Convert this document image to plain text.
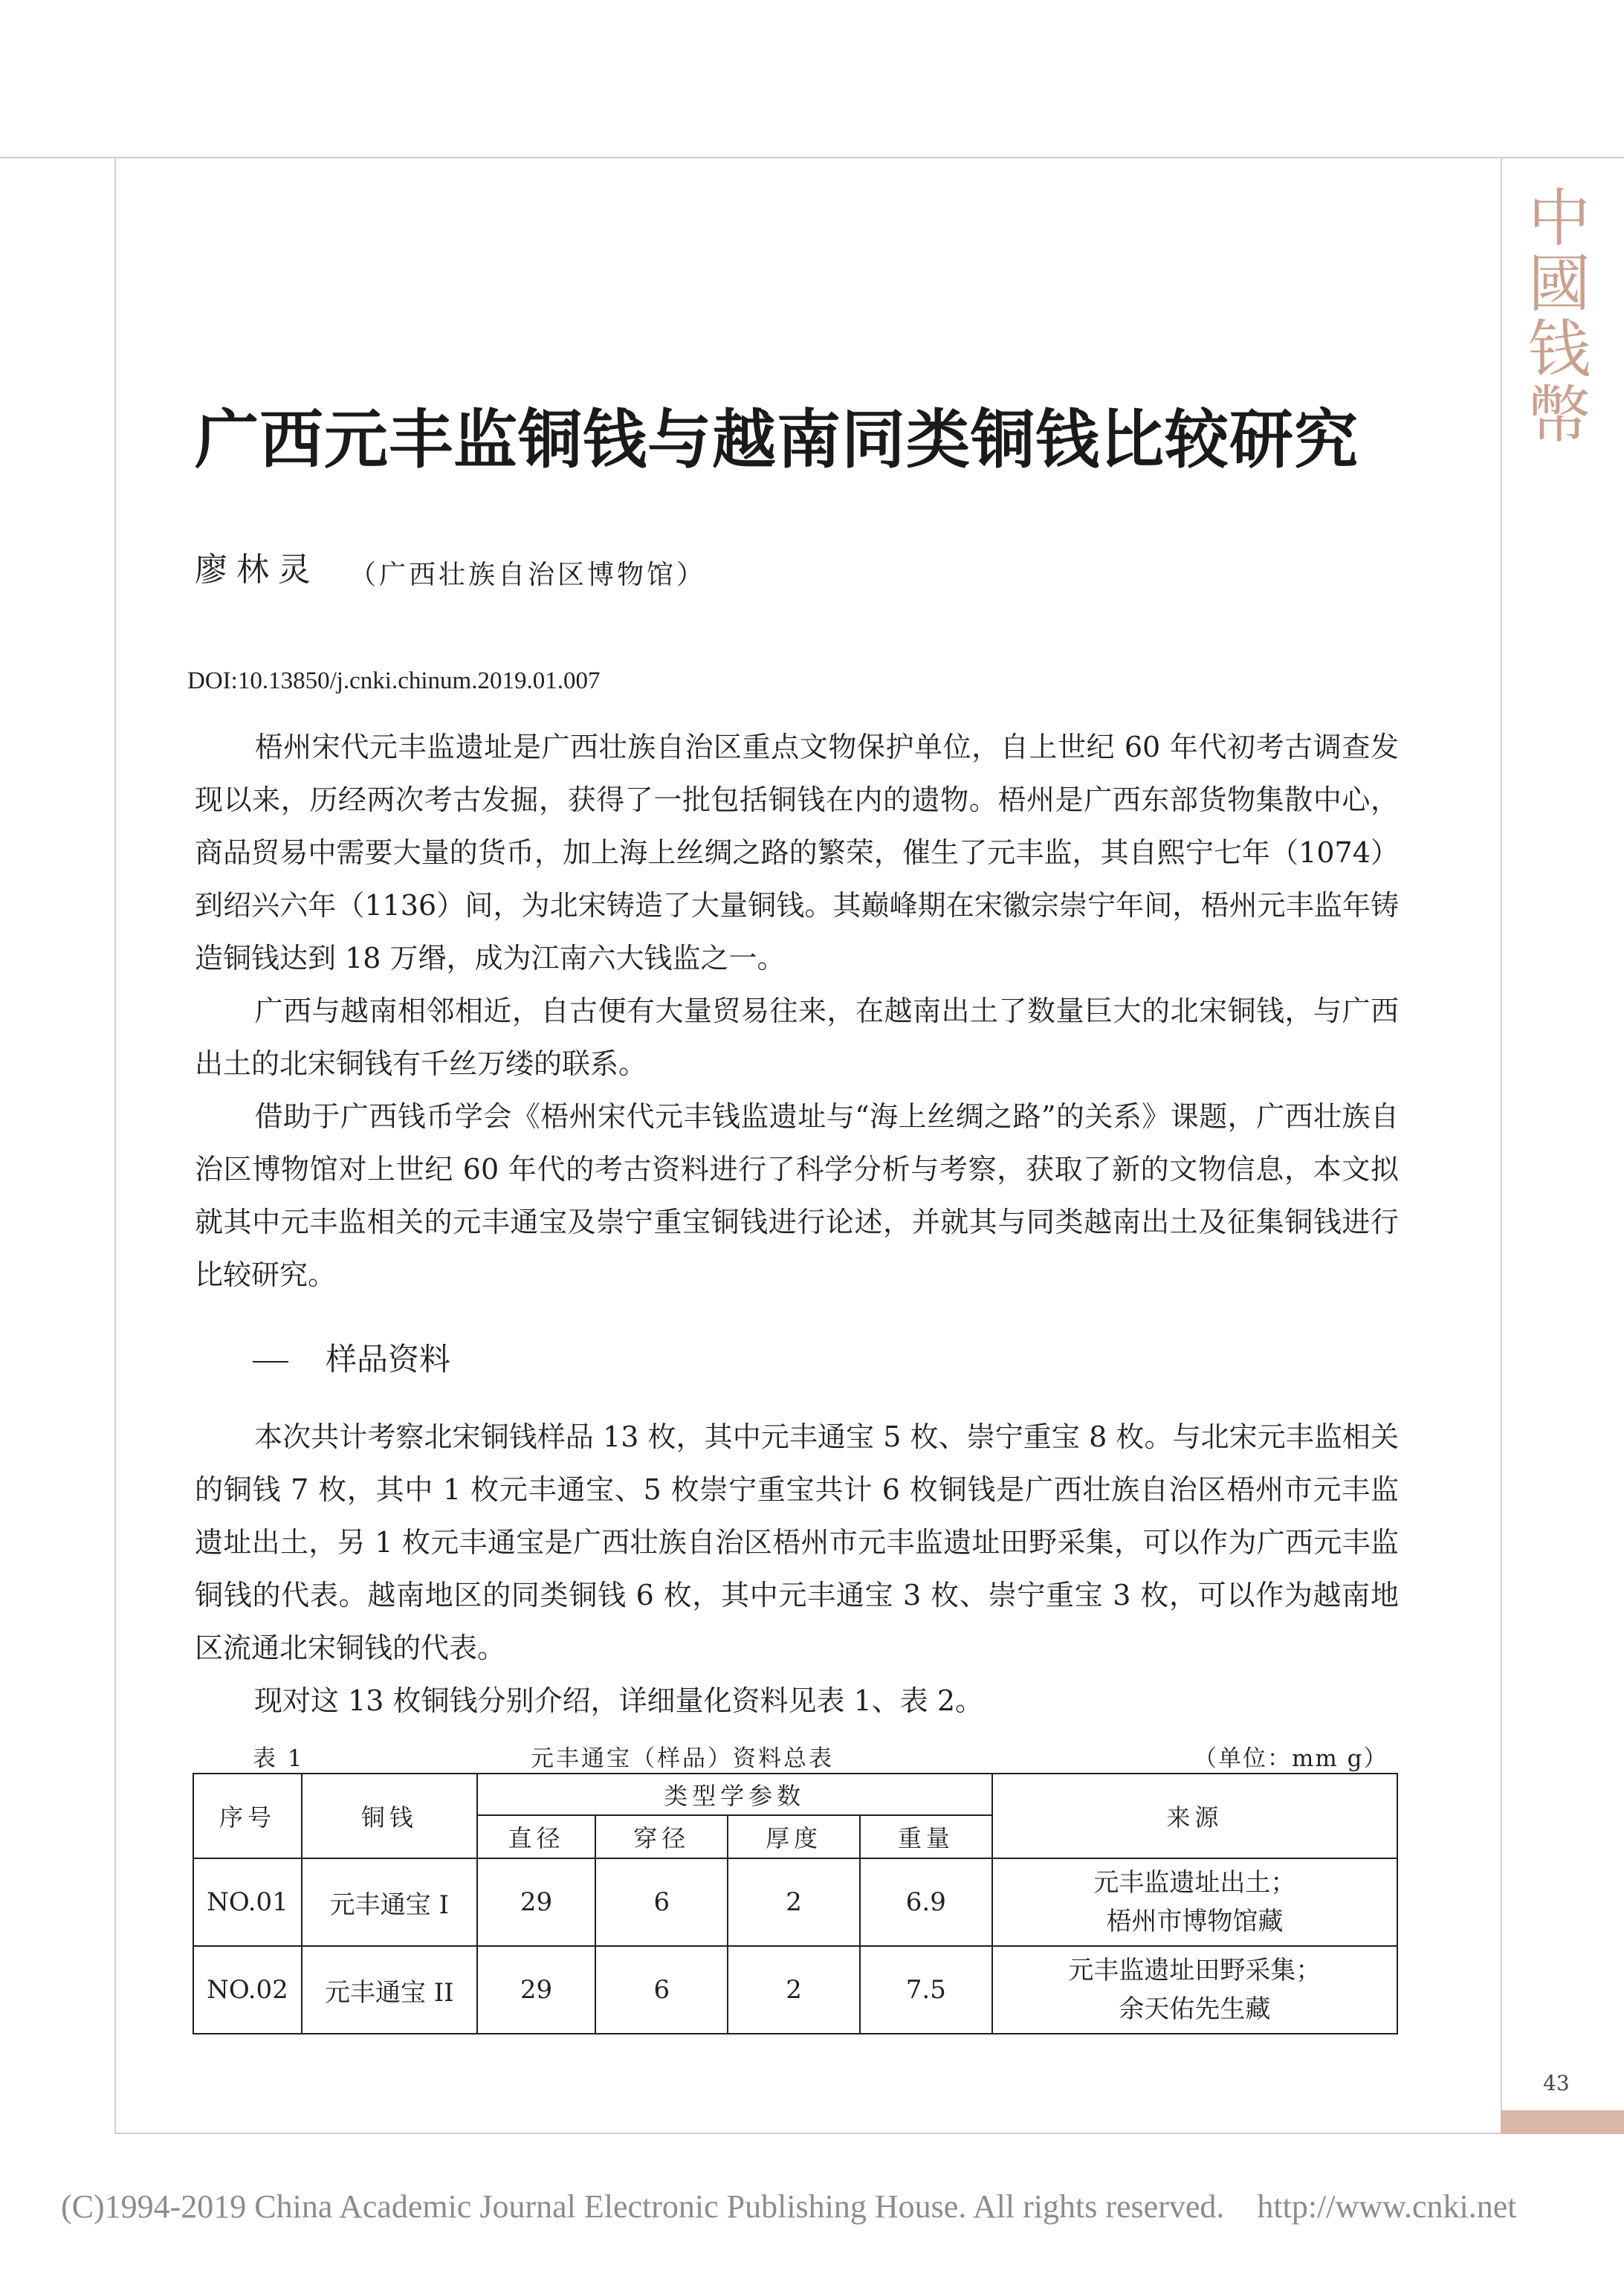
中
國
钱
幣
43
广西元丰监铜钱与越南同类铜钱比较研究
廖林灵 （广西壮族自治区博物馆）
DOI:10.13850/j.cnki.chinum.2019.01.007
梧州宋代元丰监遗址是广西壮族自治区重点文物保护单位，自上世纪 60 年代初考古调查发现以来，历经两次考古发掘，获得了一批包括铜钱在内的遗物。梧州是广西东部货物集散中心，商品贸易中需要大量的货币，加上海上丝绸之路的繁荣，催生了元丰监，其自熙宁七年（1074）到绍兴六年（1136）间，为北宋铸造了大量铜钱。其巅峰期在宋徽宗崇宁年间，梧州元丰监年铸造铜钱达到 18 万缗，成为江南六大钱监之一。
广西与越南相邻相近，自古便有大量贸易往来，在越南出土了数量巨大的北宋铜钱，与广西出土的北宋铜钱有千丝万缕的联系。
借助于广西钱币学会《梧州宋代元丰钱监遗址与“海上丝绸之路”的关系》课题，广西壮族自治区博物馆对上世纪 60 年代的考古资料进行了科学分析与考察，获取了新的文物信息，本文拟就其中元丰监相关的元丰通宝及崇宁重宝铜钱进行论述，并就其与同类越南出土及征集铜钱进行比较研究。
样品资料
本次共计考察北宋铜钱样品 13 枚，其中元丰通宝 5 枚、崇宁重宝 8 枚。与北宋元丰监相关的铜钱 7 枚，其中 1 枚元丰通宝、5 枚崇宁重宝共计 6 枚铜钱是广西壮族自治区梧州市元丰监遗址出土，另 1 枚元丰通宝是广西壮族自治区梧州市元丰监遗址田野采集，可以作为广西元丰监铜钱的代表。越南地区的同类铜钱 6 枚，其中元丰通宝 3 枚、崇宁重宝 3 枚，可以作为越南地区流通北宋铜钱的代表。
现对这 13 枚铜钱分别介绍，详细量化资料见表 1、表 2。
表 1	元丰通宝（样品）资料总表	（单位：mm g）
序号	铜钱	类型学参数				来源
		直径	穿径	厚度	重量	
NO.01	元丰通宝 I	29	6	2	6.9	元丰监遗址出土；
梧州市博物馆藏

NO.02	元丰通宝 II	29	6	2	7.5	元丰监遗址田野采集；
余天佑先生藏
(C)1994-2019 China Academic Journal Electronic Publishing House. All rights reserved. http://www.cnki.net
